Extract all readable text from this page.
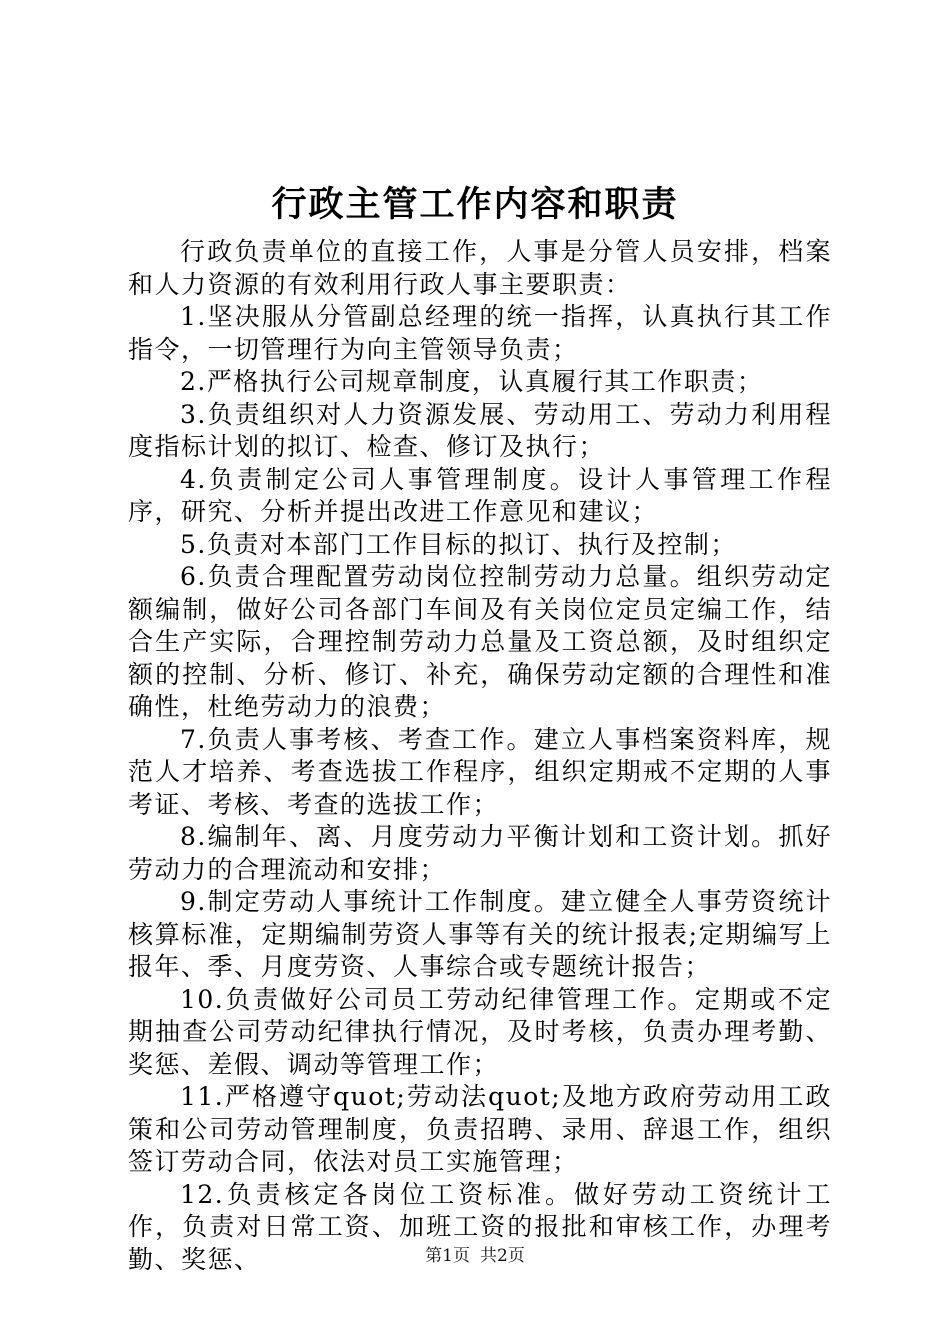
行政主管工作内容和职责

行政负责单位的直接工作，人事是分管人员安排，档案和人力资源的有效利用行政人事主要职责：

1.坚决服从分管副总经理的统一指挥，认真执行其工作指令，一切管理行为向主管领导负责；

2.严格执行公司规章制度，认真履行其工作职责；

3.负责组织对人力资源发展、劳动用工、劳动力利用程度指标计划的拟订、检查、修订及执行；

4.负责制定公司人事管理制度。设计人事管理工作程序，研究、分析并提出改进工作意见和建议；

5.负责对本部门工作目标的拟订、执行及控制；

6.负责合理配置劳动岗位控制劳动力总量。组织劳动定额编制，做好公司各部门车间及有关岗位定员定编工作，结合生产实际，合理控制劳动力总量及工资总额，及时组织定额的控制、分析、修订、补充，确保劳动定额的合理性和准确性，杜绝劳动力的浪费；

7.负责人事考核、考查工作。建立人事档案资料库，规范人才培养、考查选拔工作程序，组织定期戒不定期的人事考证、考核、考查的选拔工作；

8.编制年、离、月度劳动力平衡计划和工资计划。抓好劳动力的合理流动和安排；

9.制定劳动人事统计工作制度。建立健全人事劳资统计核算标准，定期编制劳资人事等有关的统计报表;定期编写上报年、季、月度劳资、人事综合或专题统计报告；

10.负责做好公司员工劳动纪律管理工作。定期或不定期抽查公司劳动纪律执行情况，及时考核，负责办理考勤、奖惩、差假、调动等管理工作；

11.严格遵守quot;劳动法quot;及地方政府劳动用工政策和公司劳动管理制度，负责招聘、录用、辞退工作，组织签订劳动合同，依法对员工实施管理；

12.负责核定各岗位工资标准。做好劳动工资统计工作，负责对日常工资、加班工资的报批和审核工作，办理考勤、奖惩、	第1页 共2页
